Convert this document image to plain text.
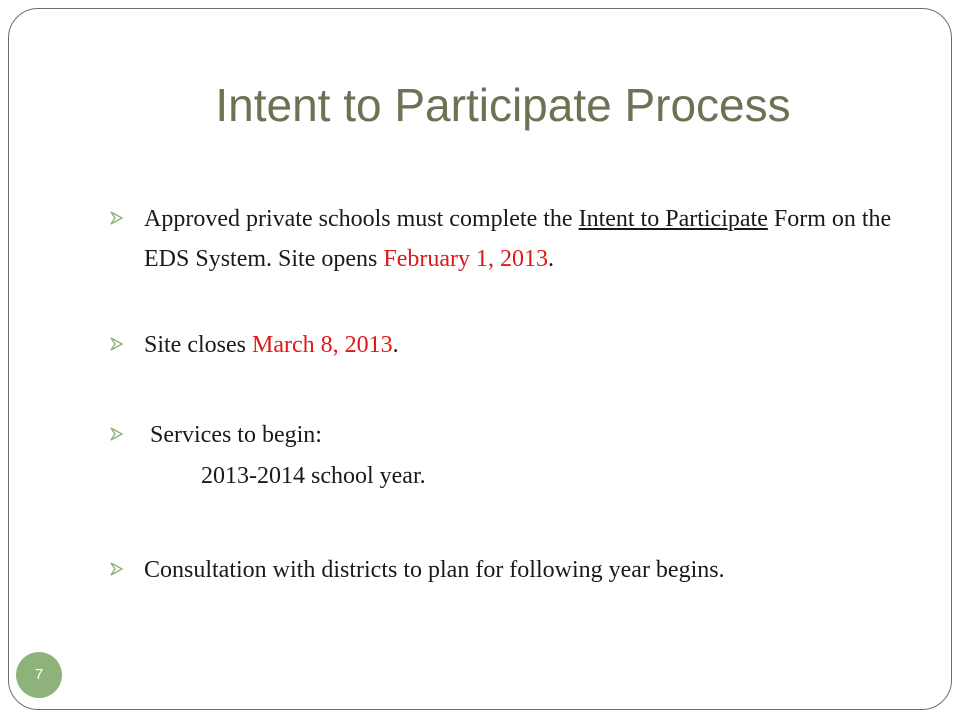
Intent to Participate Process
Approved private schools must complete the Intent to Participate Form on the EDS System. Site opens February 1, 2013.
Site closes March 8, 2013.
Services to begin:
2013-2014 school year.
Consultation with districts to plan for following year begins.
7
